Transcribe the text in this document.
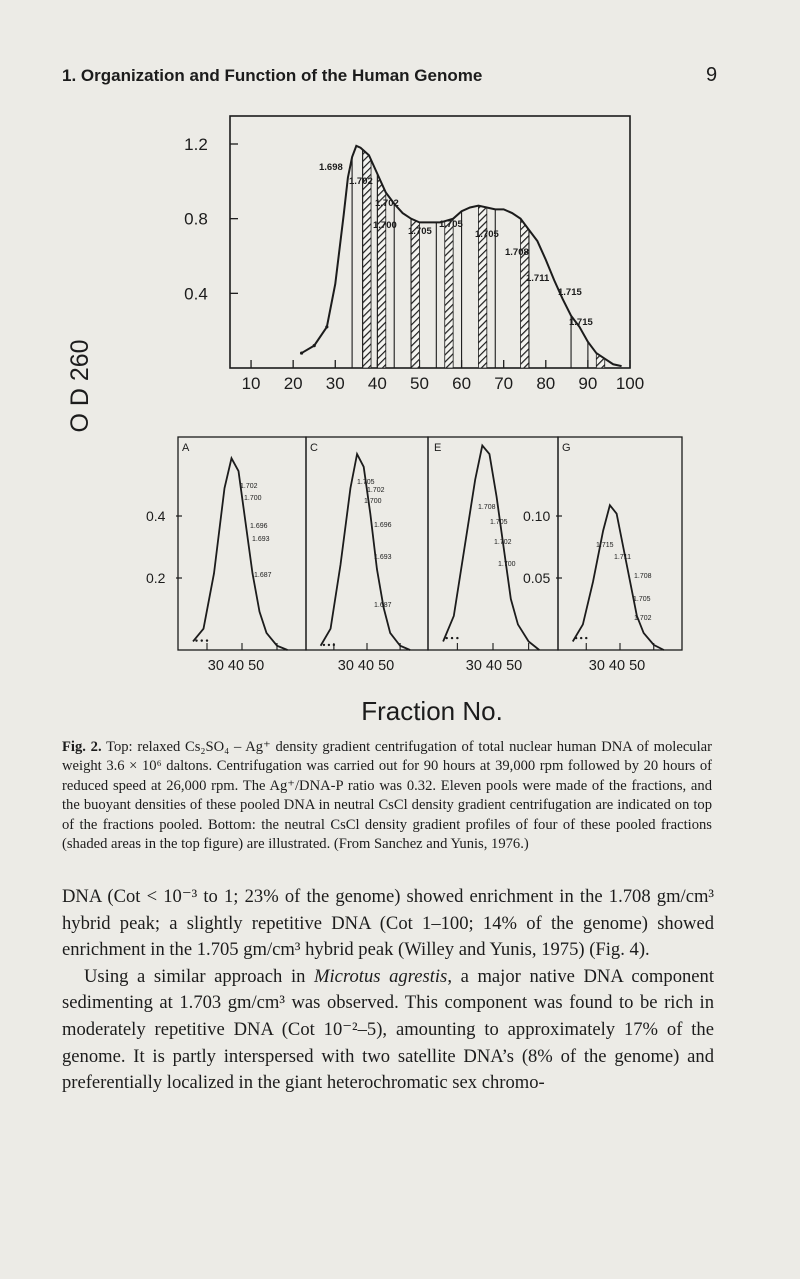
1. Organization and Function of the Human Genome	9
O D 260
1.2
0.8
0.4
10 20 30 40 50 60 70 80 90 100
1.698
1.702
1.702
1.700
1.705
1.705
1.705
1.708
1.711
1.715
1.715
0.4
0.2
0.10
0.05
30 40 50	30 40 50	30 40 50	30 40 50
A	C	E	G
1.702
1.700
1.696
1.693
1.687
1.705
1.702
1.700
1.696
1.693
1.687
1.708
1.705
1.702
1.700
1.715
1.711
1.708
1.705
1.702
Fraction No.
Fig. 2. Top: relaxed Cs₂SO₄ – Ag⁺ density gradient centrifugation of total nuclear human DNA of molecular weight 3.6 × 10⁶ daltons. Centrifugation was carried out for 90 hours at 39,000 rpm followed by 20 hours of reduced speed at 26,000 rpm. The Ag⁺/DNA-P ratio was 0.32. Eleven pools were made of the fractions, and the buoyant densities of these pooled DNA in neutral CsCl density gradient centrifugation are indicated on top of the fractions pooled. Bottom: the neutral CsCl density gradient profiles of four of these pooled fractions (shaded areas in the top figure) are illustrated. (From Sanchez and Yunis, 1976.)

DNA (Cot < 10⁻³ to 1; 23% of the genome) showed enrichment in the 1.708 gm/cm³ hybrid peak; a slightly repetitive DNA (Cot 1–100; 14% of the genome) showed enrichment in the 1.705 gm/cm³ hybrid peak (Willey and Yunis, 1975) (Fig. 4).

Using a similar approach in Microtus agrestis, a major native DNA component sedimenting at 1.703 gm/cm³ was observed. This component was found to be rich in moderately repetitive DNA (Cot 10⁻²–5), amounting to approximately 17% of the genome. It is partly interspersed with two satellite DNA’s (8% of the genome) and preferentially localized in the giant heterochromatic sex chromo-
